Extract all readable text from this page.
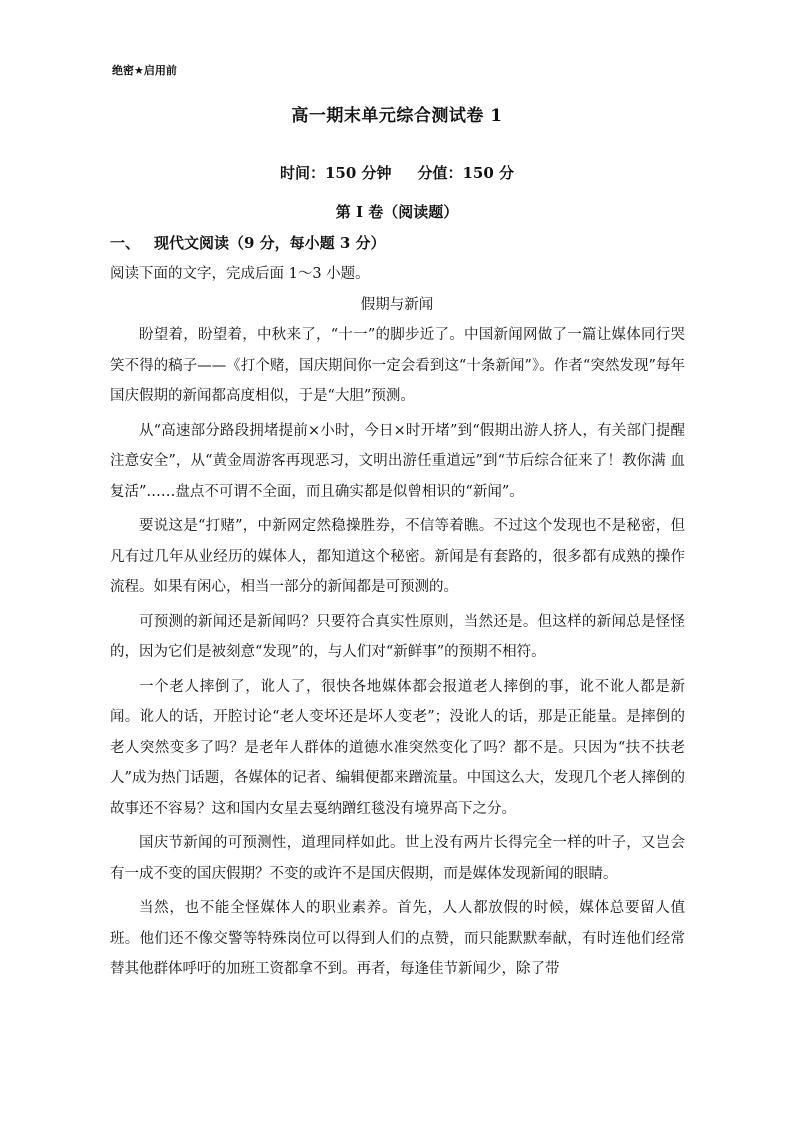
绝密★启用前
高一期末单元综合测试卷 1
时间：150 分钟 分值：150 分
第 I 卷（阅读题）
一、 现代文阅读（9 分，每小题 3 分）
阅读下面的文字，完成后面 1～3 小题。
假期与新闻

盼望着，盼望着，中秋来了，“十一”的脚步近了。中国新闻网做了一篇让媒体同行哭笑不得的稿子——《打个赌，国庆期间你一定会看到这“十条新闻”》。作者“突然发现”每年国庆假期的新闻都高度相似，于是“大胆”预测。

从“高速部分路段拥堵提前×小时，今日×时开堵”到“假期出游人挤人，有关部门提醒注意安全”，从“黄金周游客再现恶习，文明出游任重道远”到“节后综合征来了！教你满 血复活”……盘点不可谓不全面，而且确实都是似曾相识的“新闻”。

要说这是“打赌”，中新网定然稳操胜券，不信等着瞧。不过这个发现也不是秘密，但凡有过几年从业经历的媒体人，都知道这个秘密。新闻是有套路的，很多都有成熟的操作流程。如果有闲心，相当一部分的新闻都是可预测的。

可预测的新闻还是新闻吗？只要符合真实性原则，当然还是。但这样的新闻总是怪怪的，因为它们是被刻意“发现”的，与人们对“新鲜事”的预期不相符。

一个老人摔倒了，讹人了，很快各地媒体都会报道老人摔倒的事，讹不讹人都是新闻。讹人的话，开腔讨论“老人变坏还是坏人变老”；没讹人的话，那是正能量。是摔倒的老人突然变多了吗？是老年人群体的道德水准突然变化了吗？都不是。只因为“扶不扶老人”成为热门话题，各媒体的记者、编辑便都来蹭流量。中国这么大，发现几个老人摔倒的故事还不容易？这和国内女星去戛纳蹭红毯没有境界高下之分。

国庆节新闻的可预测性，道理同样如此。世上没有两片长得完全一样的叶子，又岂会有一成不变的国庆假期？不变的或许不是国庆假期，而是媒体发现新闻的眼睛。

当然，也不能全怪媒体人的职业素养。首先，人人都放假的时候，媒体总要留人值班。他们还不像交警等特殊岗位可以得到人们的点赞，而只能默默奉献，有时连他们经常替其他群体呼吁的加班工资都拿不到。再者，每逢佳节新闻少，除了带
